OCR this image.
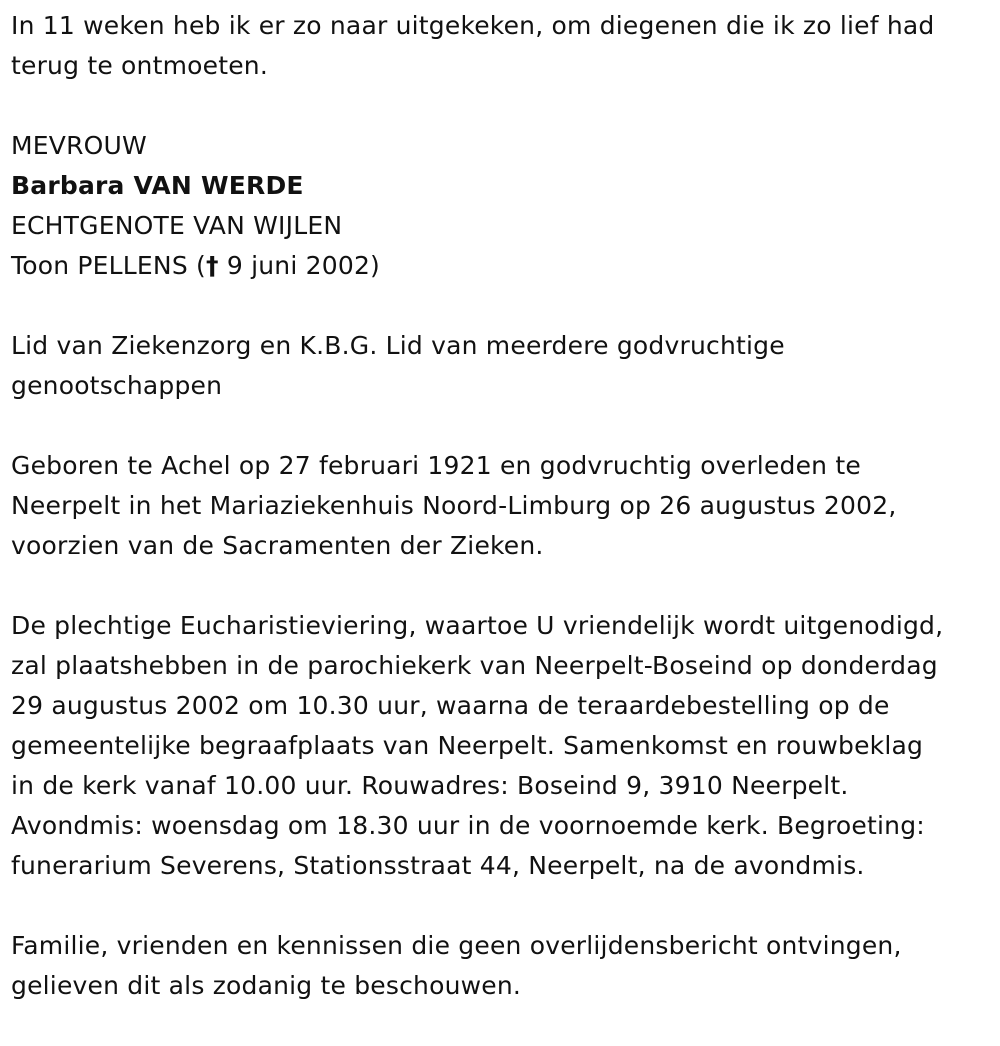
In 11 weken heb ik er zo naar uitgekeken, om diegenen die ik zo lief had
terug te ontmoeten.

MEVROUW
Barbara VAN WERDE
ECHTGENOTE VAN WIJLEN
Toon PELLENS († 9 juni 2002)

Lid van Ziekenzorg en K.B.G. Lid van meerdere godvruchtige
genootschappen

Geboren te Achel op 27 februari 1921 en godvruchtig overleden te
Neerpelt in het Mariaziekenhuis Noord-Limburg op 26 augustus 2002,
voorzien van de Sacramenten der Zieken.

De plechtige Eucharistieviering, waartoe U vriendelijk wordt uitgenodigd,
zal plaatshebben in de parochiekerk van Neerpelt-Boseind op donderdag
29 augustus 2002 om 10.30 uur, waarna de teraardebestelling op de
gemeentelijke begraafplaats van Neerpelt. Samenkomst en rouwbeklag
in de kerk vanaf 10.00 uur. Rouwadres: Boseind 9, 3910 Neerpelt.
Avondmis: woensdag om 18.30 uur in de voornoemde kerk. Begroeting:
funerarium Severens, Stationsstraat 44, Neerpelt, na de avondmis.

Familie, vrienden en kennissen die geen overlijdensbericht ontvingen,
gelieven dit als zodanig te beschouwen.
